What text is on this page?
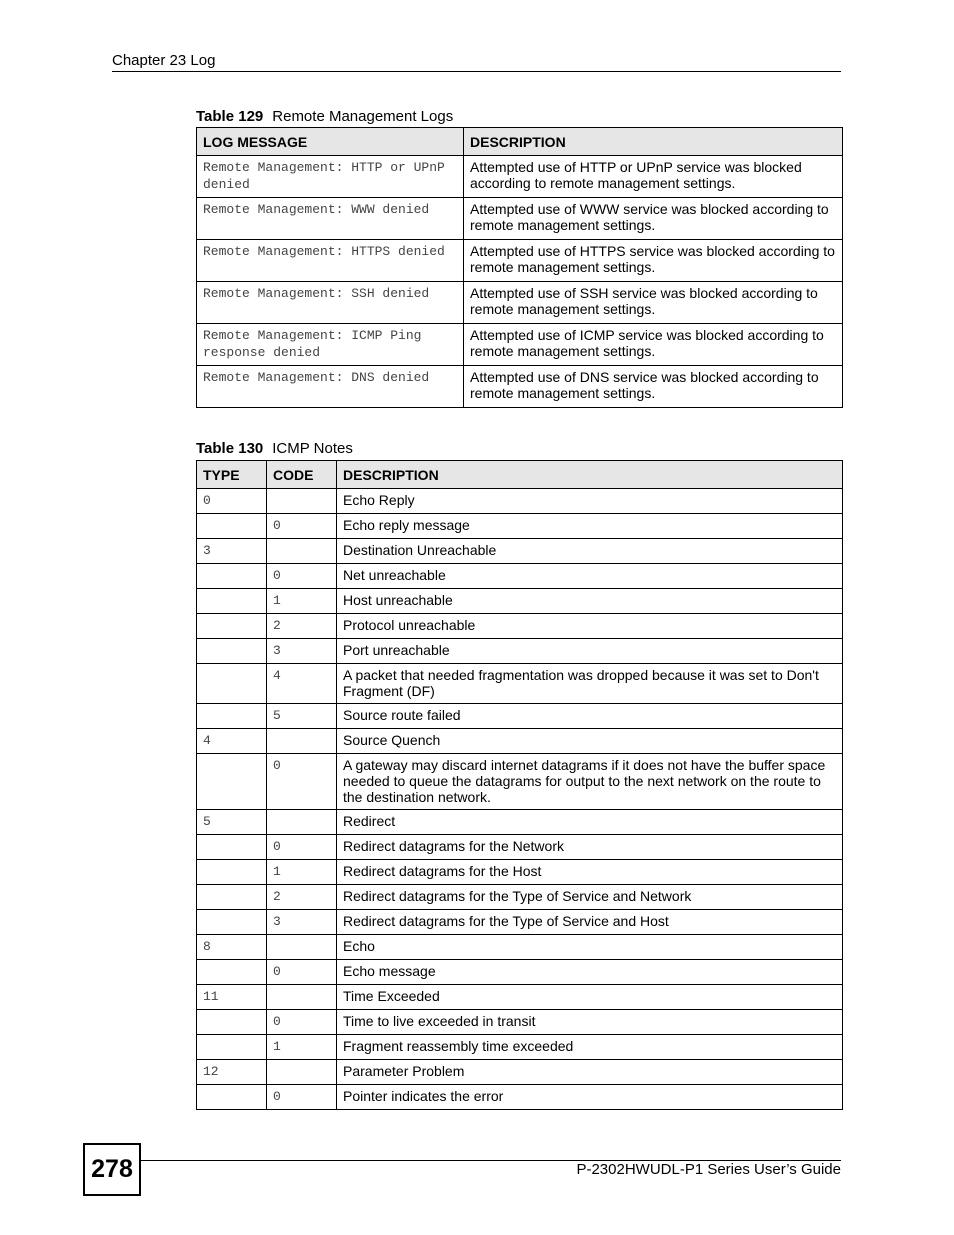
Chapter 23 Log
Table 129 Remote Management Logs
LOG MESSAGE	DESCRIPTION
Remote Management: HTTP or UPnP denied	Attempted use of HTTP or UPnP service was blocked according to remote management settings.
Remote Management: WWW denied	Attempted use of WWW service was blocked according to remote management settings.
Remote Management: HTTPS denied	Attempted use of HTTPS service was blocked according to remote management settings.
Remote Management: SSH denied	Attempted use of SSH service was blocked according to remote management settings.
Remote Management: ICMP Ping response denied	Attempted use of ICMP service was blocked according to remote management settings.
Remote Management: DNS denied	Attempted use of DNS service was blocked according to remote management settings.
Table 130 ICMP Notes
TYPE	CODE	DESCRIPTION
0		Echo Reply
	0	Echo reply message
3		Destination Unreachable
	0	Net unreachable
	1	Host unreachable
	2	Protocol unreachable
	3	Port unreachable
	4	A packet that needed fragmentation was dropped because it was set to Don't Fragment (DF)
	5	Source route failed
4		Source Quench
	0	A gateway may discard internet datagrams if it does not have the buffer space needed to queue the datagrams for output to the next network on the route to the destination network.
5		Redirect
	0	Redirect datagrams for the Network
	1	Redirect datagrams for the Host
	2	Redirect datagrams for the Type of Service and Network
	3	Redirect datagrams for the Type of Service and Host
8		Echo
	0	Echo message
11		Time Exceeded
	0	Time to live exceeded in transit
	1	Fragment reassembly time exceeded
12		Parameter Problem
	0	Pointer indicates the error
278	P-2302HWUDL-P1 Series User’s Guide
